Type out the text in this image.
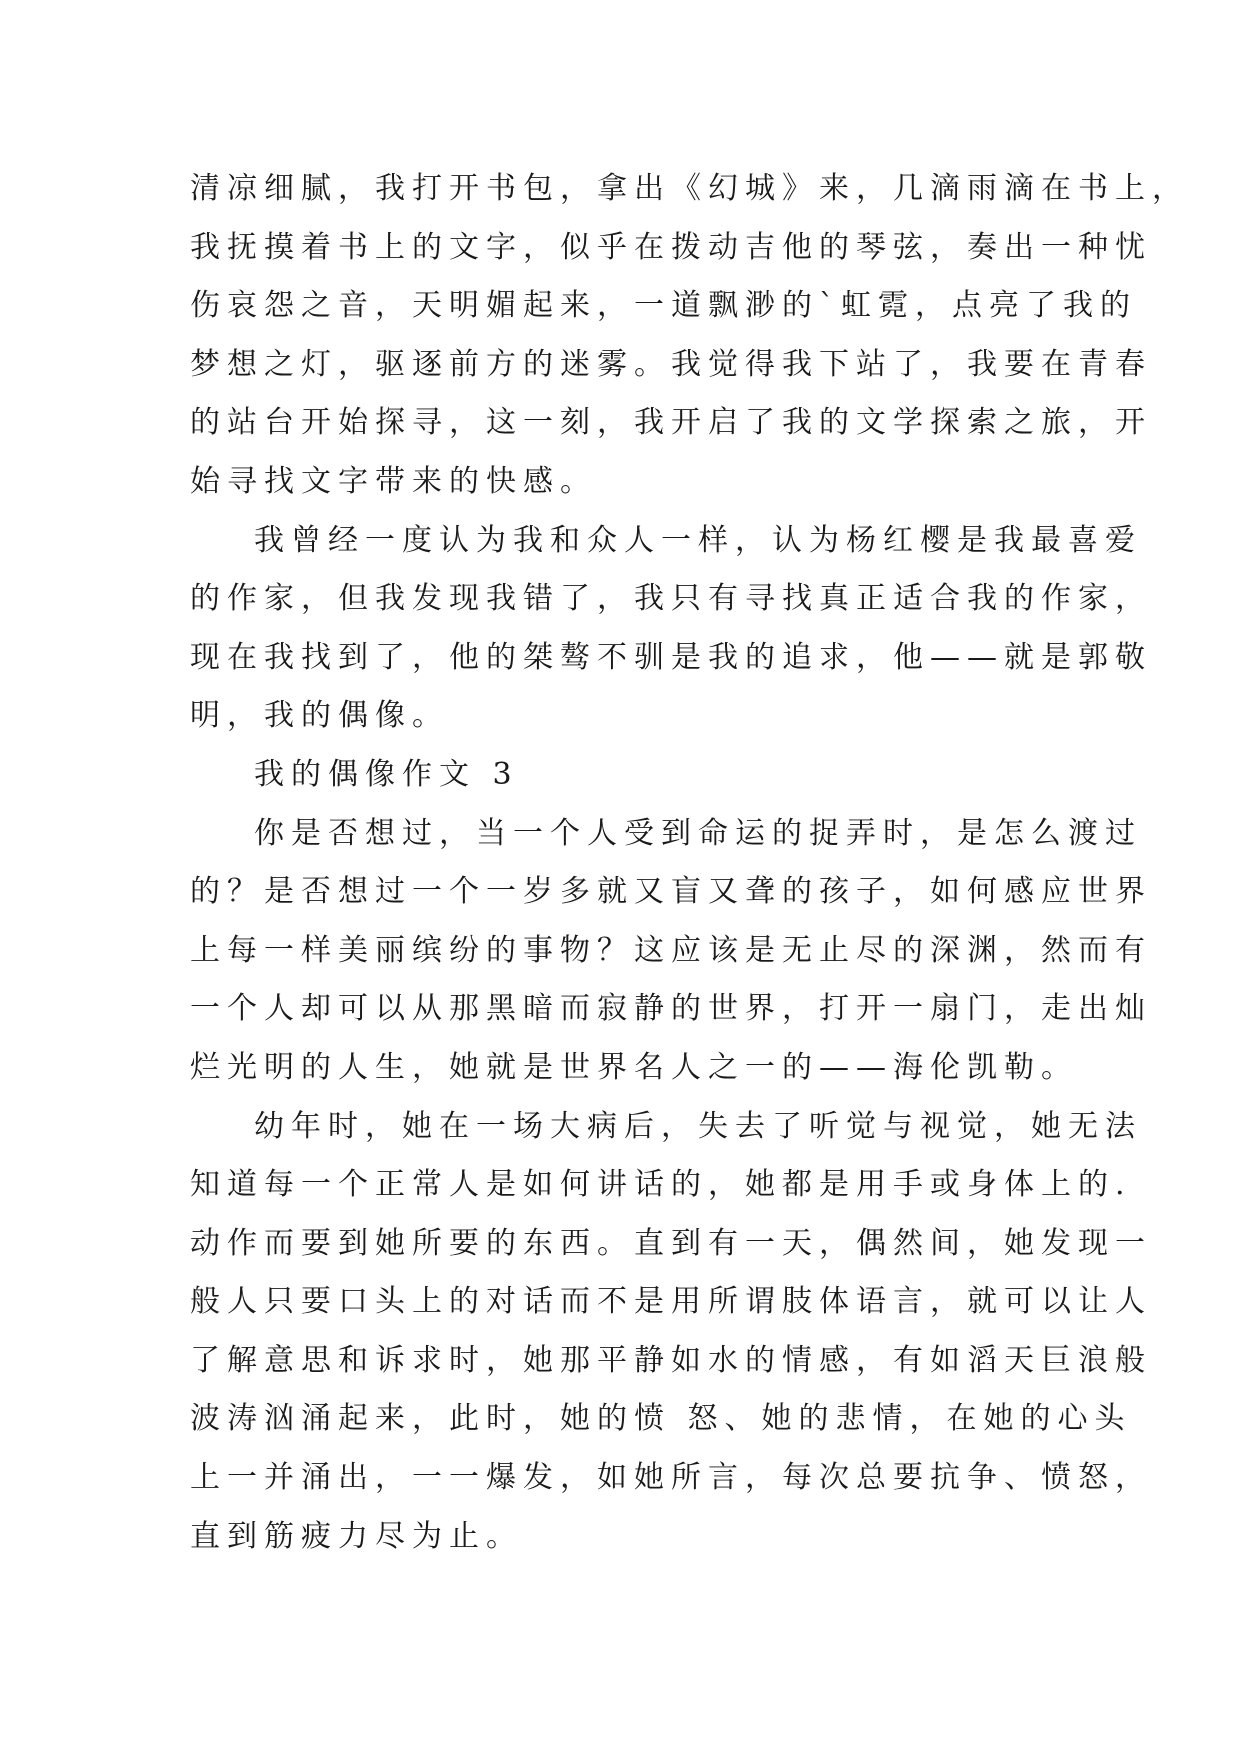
清凉细腻，我打开书包，拿出《幻城》来，几滴雨滴在书上，
我抚摸着书上的文字，似乎在拨动吉他的琴弦，奏出一种忧
伤哀怨之音，天明媚起来，一道飘渺的`虹霓，点亮了我的
梦想之灯，驱逐前方的迷雾。我觉得我下站了，我要在青春
的站台开始探寻，这一刻，我开启了我的文学探索之旅，开
始寻找文字带来的快感。
我曾经一度认为我和众人一样，认为杨红樱是我最喜爱
的作家，但我发现我错了，我只有寻找真正适合我的作家，
现在我找到了，他的桀骜不驯是我的追求，他——就是郭敬
明，我的偶像。
我的偶像作文 3
你是否想过，当一个人受到命运的捉弄时，是怎么渡过
的？是否想过一个一岁多就又盲又聋的孩子，如何感应世界
上每一样美丽缤纷的事物？这应该是无止尽的深渊，然而有
一个人却可以从那黑暗而寂静的世界，打开一扇门，走出灿
烂光明的人生，她就是世界名人之一的——海伦凯勒。
幼年时，她在一场大病后，失去了听觉与视觉，她无法
知道每一个正常人是如何讲话的，她都是用手或身体上的.
动作而要到她所要的东西。直到有一天，偶然间，她发现一
般人只要口头上的对话而不是用所谓肢体语言，就可以让人
了解意思和诉求时，她那平静如水的情感，有如滔天巨浪般
波涛汹涌起来，此时，她的愤 怒、她的悲情，在她的心头
上一并涌出，一一爆发，如她所言，每次总要抗争、愤怒，
直到筋疲力尽为止。
